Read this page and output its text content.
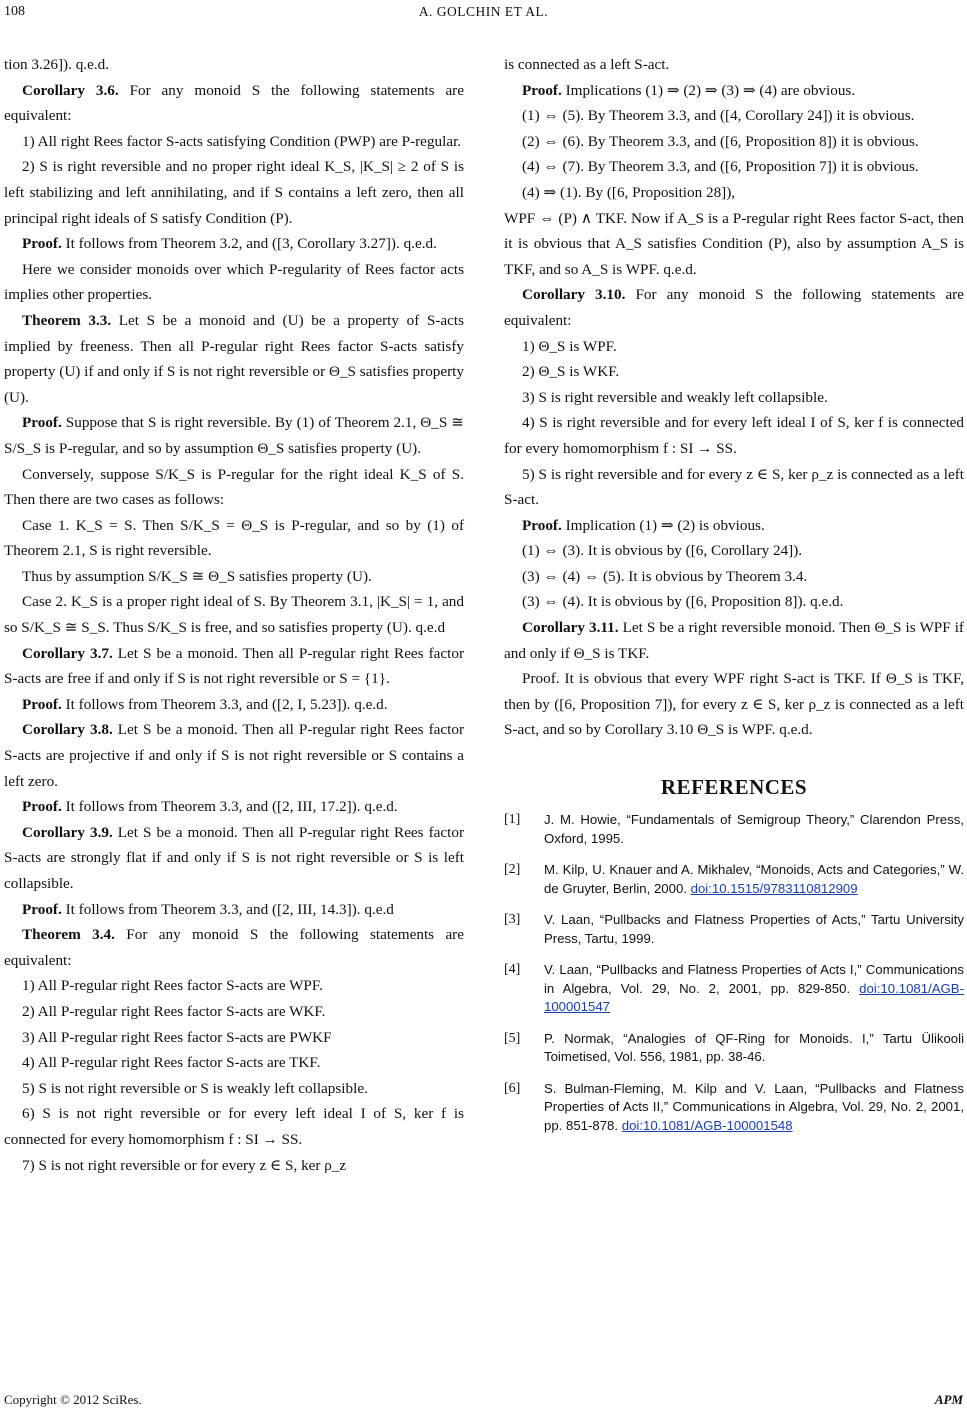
108	A. GOLCHIN ET AL.

tion 3.26]). q.e.d.

Corollary 3.6. For any monoid S the following statements are equivalent:

1) All right Rees factor S-acts satisfying Condition (PWP) are P-regular.

2) S is right reversible and no proper right ideal K_S, |K_S| ≥ 2 of S is left stabilizing and left annihilating, and if S contains a left zero, then all principal right ideals of S satisfy Condition (P).

Proof. It follows from Theorem 3.2, and ([3, Corollary 3.27]). q.e.d.

Here we consider monoids over which P-regularity of Rees factor acts implies other properties.

Theorem 3.3. Let S be a monoid and (U) be a property of S-acts implied by freeness. Then all P-regular right Rees factor S-acts satisfy property (U) if and only if S is not right reversible or Θ_S satisfies property (U).

Proof. Suppose that S is right reversible. By (1) of Theorem 2.1, Θ_S ≅ S/S_S is P-regular, and so by assumption Θ_S satisfies property (U).

Conversely, suppose S/K_S is P-regular for the right ideal K_S of S. Then there are two cases as follows:

Case 1. K_S = S. Then S/K_S = Θ_S is P-regular, and so by (1) of Theorem 2.1, S is right reversible.

Thus by assumption S/K_S ≅ Θ_S satisfies property (U).

Case 2. K_S is a proper right ideal of S. By Theorem 3.1, |K_S| = 1, and so S/K_S ≅ S_S. Thus S/K_S is free, and so satisfies property (U). q.e.d

Corollary 3.7. Let S be a monoid. Then all P-regular right Rees factor S-acts are free if and only if S is not right reversible or S = {1}.

Proof. It follows from Theorem 3.3, and ([2, I, 5.23]). q.e.d.

Corollary 3.8. Let S be a monoid. Then all P-regular right Rees factor S-acts are projective if and only if S is not right reversible or S contains a left zero.

Proof. It follows from Theorem 3.3, and ([2, III, 17.2]). q.e.d.

Corollary 3.9. Let S be a monoid. Then all P-regular right Rees factor S-acts are strongly flat if and only if S is not right reversible or S is left collapsible.

Proof. It follows from Theorem 3.3, and ([2, III, 14.3]). q.e.d

Theorem 3.4. For any monoid S the following statements are equivalent:

1) All P-regular right Rees factor S-acts are WPF.

2) All P-regular right Rees factor S-acts are WKF.

3) All P-regular right Rees factor S-acts are PWKF

4) All P-regular right Rees factor S-acts are TKF.

5) S is not right reversible or S is weakly left collapsible.

6) S is not right reversible or for every left ideal I of S, ker f is connected for every homomorphism f : SI → SS.

7) S is not right reversible or for every z ∈ S, ker ρ_z

is connected as a left S-act.

Proof. Implications (1) ⇒ (2) ⇒ (3) ⇒ (4) are obvious.

(1) ⇔ (5). By Theorem 3.3, and ([4, Corollary 24]) it is obvious.

(2) ⇔ (6). By Theorem 3.3, and ([6, Proposition 8]) it is obvious.

(4) ⇔ (7). By Theorem 3.3, and ([6, Proposition 7]) it is obvious.

(4) ⇒ (1). By ([6, Proposition 28]),

WPF ⇔ (P) ∧ TKF. Now if A_S is a P-regular right Rees factor S-act, then it is obvious that A_S satisfies Condition (P), also by assumption A_S is TKF, and so A_S is WPF. q.e.d.

Corollary 3.10. For any monoid S the following statements are equivalent:

1) Θ_S is WPF.

2) Θ_S is WKF.

3) S is right reversible and weakly left collapsible.

4) S is right reversible and for every left ideal I of S, ker f is connected for every homomorphism f : SI → SS.

5) S is right reversible and for every z ∈ S, ker ρ_z is connected as a left S-act.

Proof. Implication (1) ⇒ (2) is obvious.

(1) ⇔ (3). It is obvious by ([6, Corollary 24]).

(3) ⇔ (4) ⇔ (5). It is obvious by Theorem 3.4.

(3) ⇔ (4). It is obvious by ([6, Proposition 8]). q.e.d.

Corollary 3.11. Let S be a right reversible monoid. Then Θ_S is WPF if and only if Θ_S is TKF.

Proof. It is obvious that every WPF right S-act is TKF. If Θ_S is TKF, then by ([6, Proposition 7]), for every z ∈ S, ker ρ_z is connected as a left S-act, and so by Corollary 3.10 Θ_S is WPF. q.e.d.

REFERENCES
[1]	J. M. Howie, “Fundamentals of Semigroup Theory,” Clarendon Press, Oxford, 1995.
[2]	M. Kilp, U. Knauer and A. Mikhalev, “Monoids, Acts and Categories,” W. de Gruyter, Berlin, 2000. doi:10.1515/9783110812909
[3]	V. Laan, “Pullbacks and Flatness Properties of Acts,” Tartu University Press, Tartu, 1999.
[4]	V. Laan, “Pullbacks and Flatness Properties of Acts I,” Communications in Algebra, Vol. 29, No. 2, 2001, pp. 829-850. doi:10.1081/AGB-100001547
[5]	P. Normak, “Analogies of QF-Ring for Monoids. I,” Tartu Ülikooli Toimetised, Vol. 556, 1981, pp. 38-46.
[6]	S. Bulman-Fleming, M. Kilp and V. Laan, “Pullbacks and Flatness Properties of Acts II,” Communications in Algebra, Vol. 29, No. 2, 2001, pp. 851-878. doi:10.1081/AGB-100001548
Copyright © 2012 SciRes.	APM
